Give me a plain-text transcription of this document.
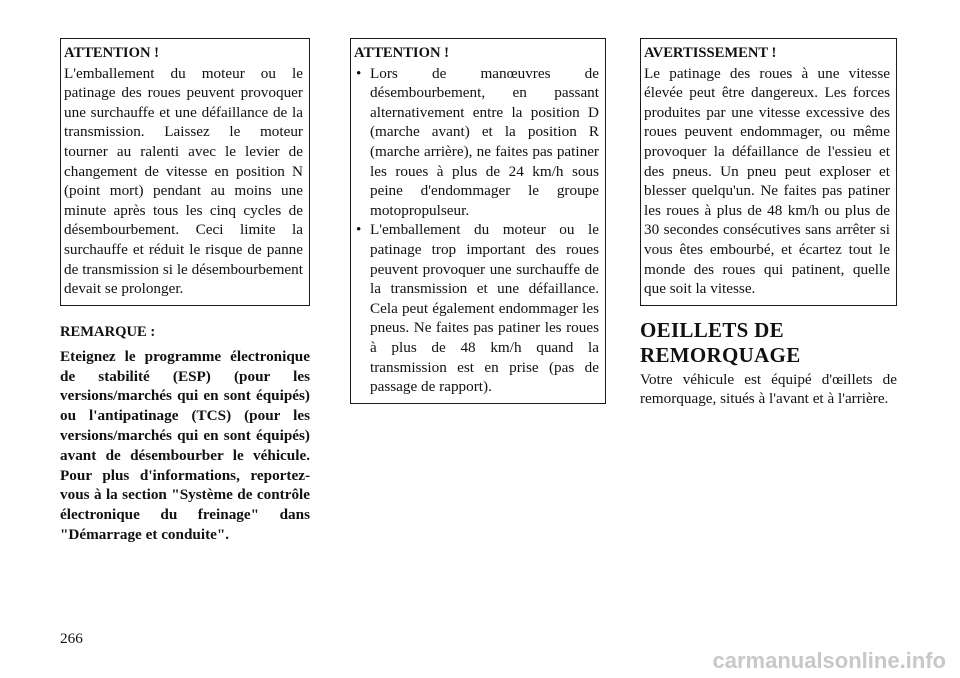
ATTENTION !
L'emballement du moteur ou le patinage des roues peuvent provoquer une surchauffe et une défaillance de la transmission. Laissez le moteur tourner au ralenti avec le levier de changement de vitesse en position N (point mort) pendant au moins une minute après tous les cinq cycles de désembourbement. Ceci limite la surchauffe et réduit le risque de panne de transmission si le désembourbement devait se prolonger.
REMARQUE :
Eteignez le programme électronique de stabilité (ESP) (pour les versions/marchés qui en sont équipés) ou l'antipatinage (TCS) (pour les versions/marchés qui en sont équipés) avant de désembourber le véhicule. Pour plus d'informations, reportez-vous à la section "Système de contrôle électronique du freinage" dans "Démarrage et conduite".
ATTENTION !
• Lors de manœuvres de désembourbement, en passant alternativement entre la position D (marche avant) et la position R (marche arrière), ne faites pas patiner les roues à plus de 24 km/h sous peine d'endommager le groupe motopropulseur.
• L'emballement du moteur ou le patinage trop important des roues peuvent provoquer une surchauffe de la transmission et une défaillance. Cela peut également endommager les pneus. Ne faites pas patiner les roues à plus de 48 km/h quand la transmission est en prise (pas de passage de rapport).
AVERTISSEMENT !
Le patinage des roues à une vitesse élevée peut être dangereux. Les forces produites par une vitesse excessive des roues peuvent endommager, ou même provoquer la défaillance de l'essieu et des pneus. Un pneu peut exploser et blesser quelqu'un. Ne faites pas patiner les roues à plus de 48 km/h ou plus de 30 secondes consécutives sans arrêter si vous êtes embourbé, et écartez tout le monde des roues qui patinent, quelle que soit la vitesse.
OEILLETS DE
REMORQUAGE
Votre véhicule est équipé d'œillets de remorquage, situés à l'avant et à l'arrière.
266
carmanualsonline.info
